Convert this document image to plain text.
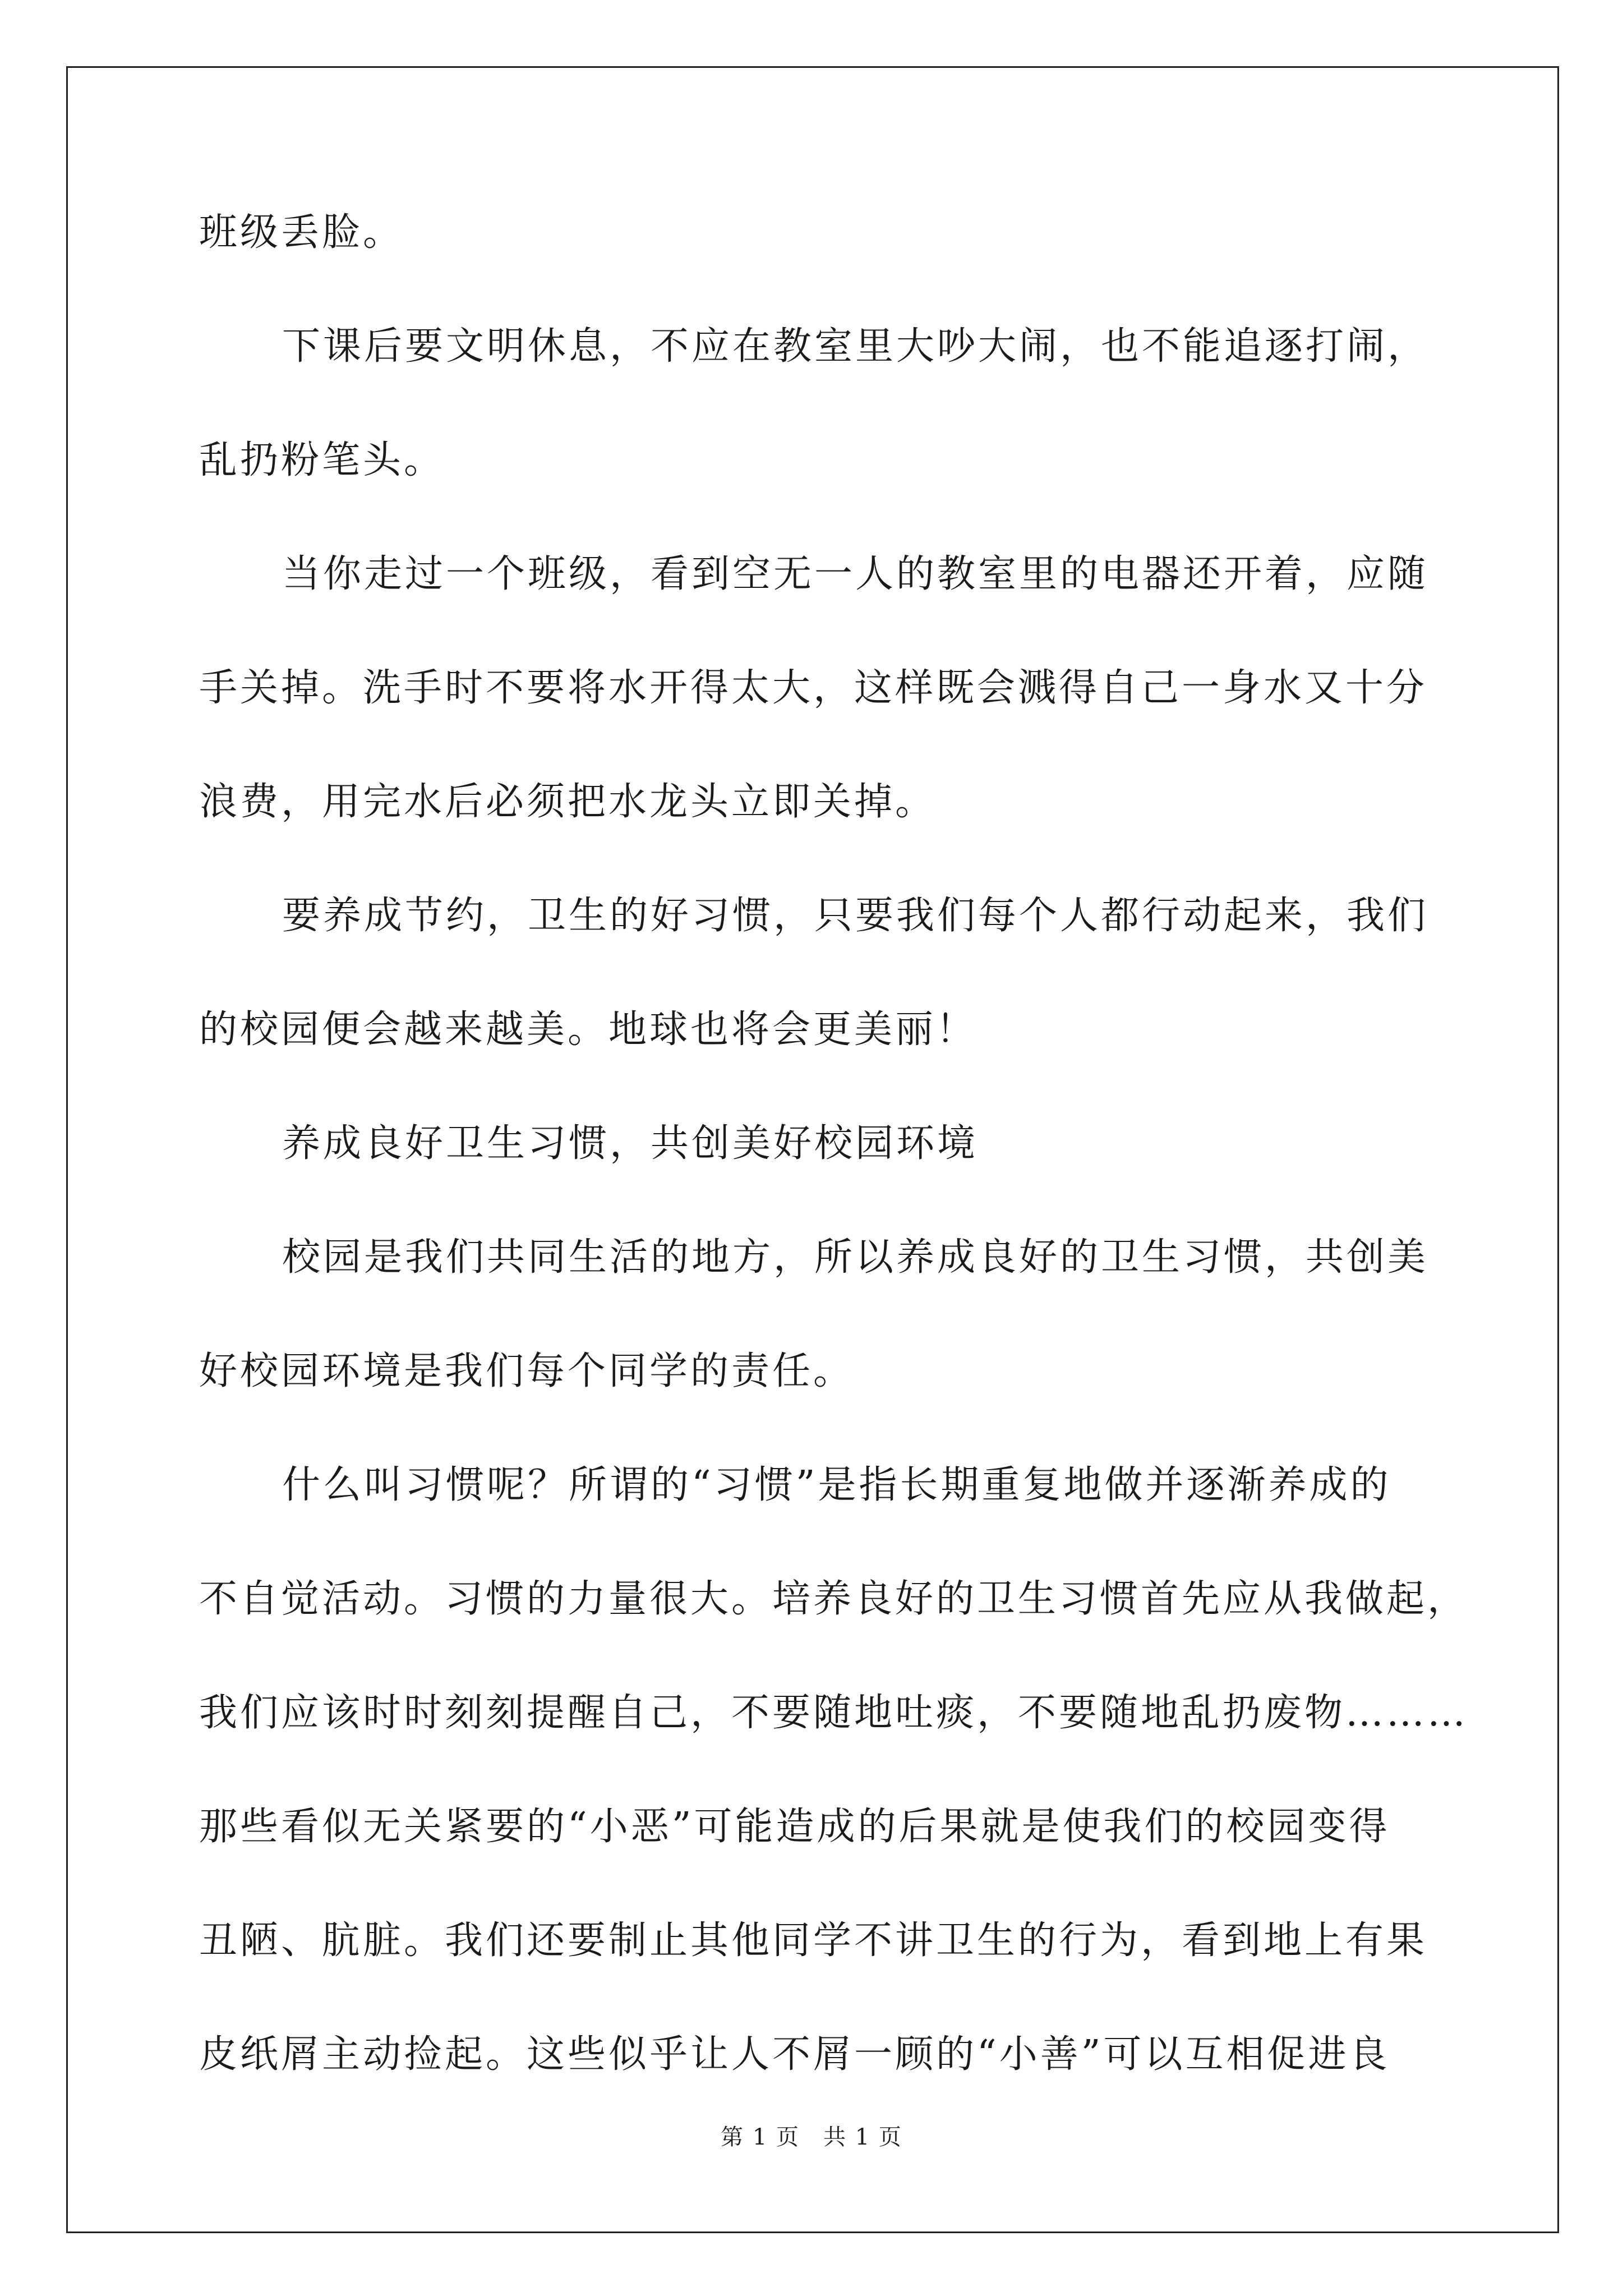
班级丢脸。
下课后要文明休息，不应在教室里大吵大闹，也不能追逐打闹，
乱扔粉笔头。
当你走过一个班级，看到空无一人的教室里的电器还开着，应随
手关掉。洗手时不要将水开得太大，这样既会溅得自己一身水又十分
浪费，用完水后必须把水龙头立即关掉。
要养成节约，卫生的好习惯，只要我们每个人都行动起来，我们
的校园便会越来越美。地球也将会更美丽！
养成良好卫生习惯，共创美好校园环境
校园是我们共同生活的地方，所以养成良好的卫生习惯，共创美
好校园环境是我们每个同学的责任。
什么叫习惯呢？所谓的“习惯”是指长期重复地做并逐渐养成的
不自觉活动。习惯的力量很大。培养良好的卫生习惯首先应从我做起，
我们应该时时刻刻提醒自己，不要随地吐痰，不要随地乱扔废物………
那些看似无关紧要的“小恶”可能造成的后果就是使我们的校园变得
丑陋、肮脏。我们还要制止其他同学不讲卫生的行为，看到地上有果
皮纸屑主动捡起。这些似乎让人不屑一顾的“小善”可以互相促进良
第 1 页　共 1 页
